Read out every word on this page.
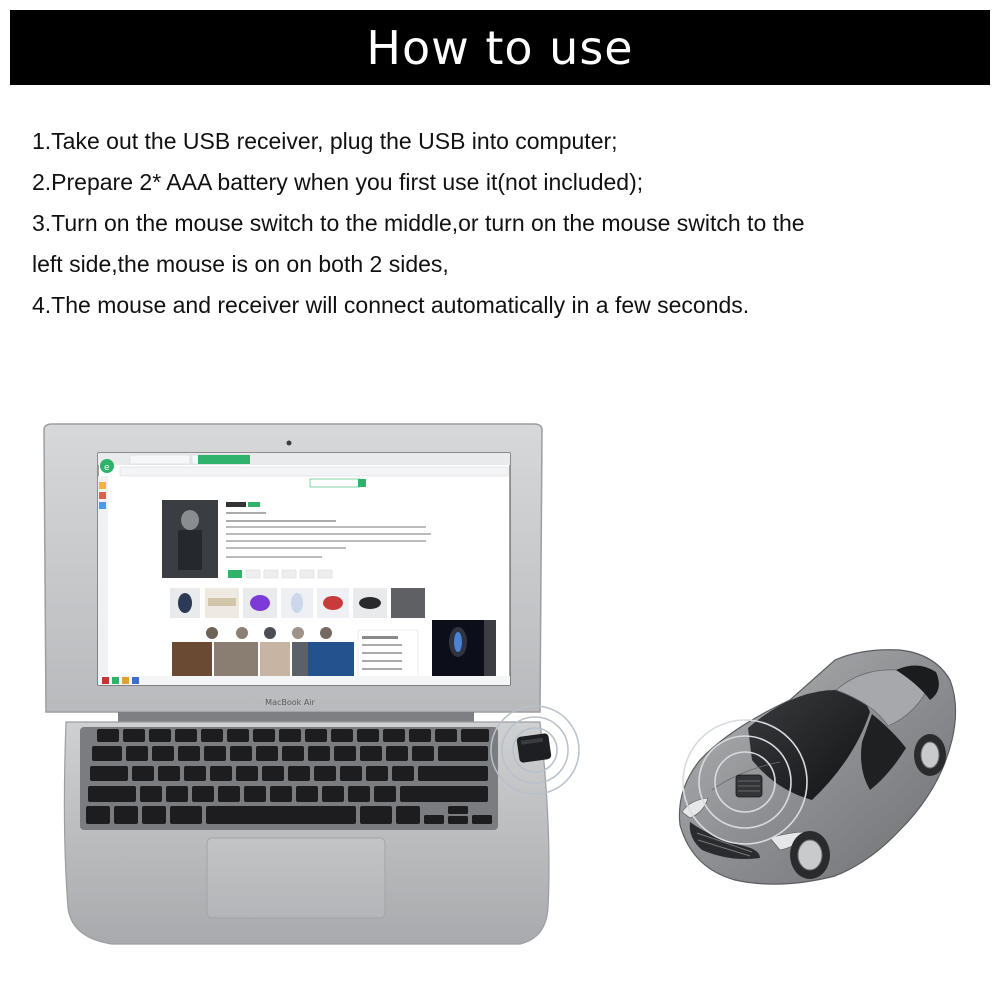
How to use
1.Take out the USB receiver, plug the USB into computer;
2.Prepare 2* AAA battery when you first use it(not included);
3.Turn on the mouse switch to the middle,or turn on the mouse switch to the
left side,the mouse is on on both 2 sides,
4.The mouse and receiver will connect automatically in a few seconds.
MacBook Air
e
